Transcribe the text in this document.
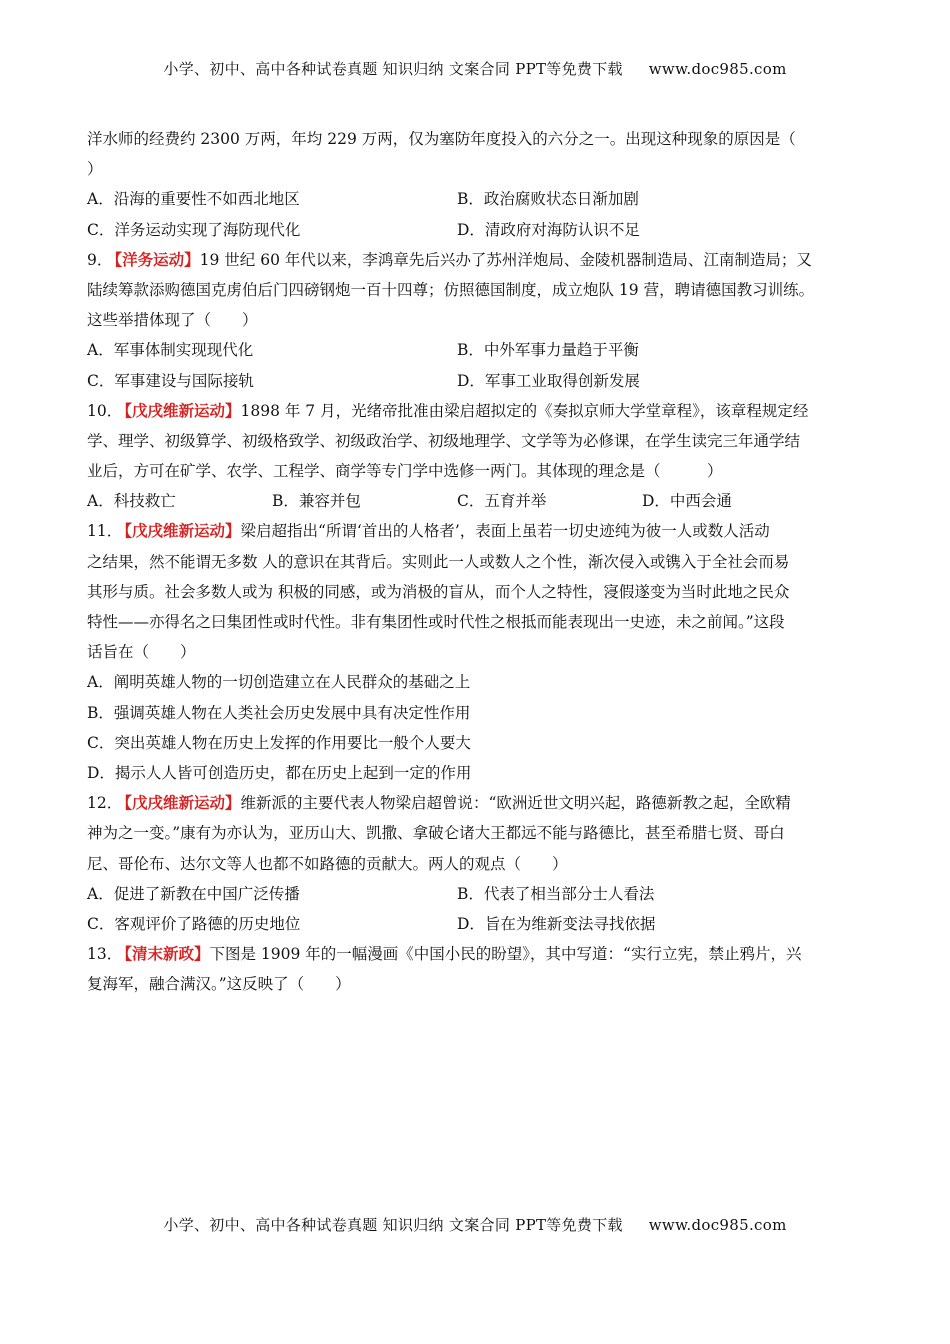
小学、初中、高中各种试卷真题 知识归纳 文案合同 PPT等免费下载 www.doc985.com
洋水师的经费约 2300 万两，年均 229 万两，仅为塞防年度投入的六分之一。出现这种现象的原因是（
）
A．沿海的重要性不如西北地区	B．政治腐败状态日渐加剧
C．洋务运动实现了海防现代化	D．清政府对海防认识不足
9． 【洋务运动】19 世纪 60 年代以来，李鸿章先后兴办了苏州洋炮局、金陵机器制造局、江南制造局；又
陆续筹款添购德国克虏伯后门四磅钢炮一百十四尊；仿照德国制度，成立炮队 19 营，聘请德国教习训练。
这些举措体现了（　　）
A．军事体制实现现代化	B．中外军事力量趋于平衡
C．军事建设与国际接轨	D．军事工业取得创新发展
10． 【戊戌维新运动】1898 年 7 月，光绪帝批准由梁启超拟定的《奏拟京师大学堂章程》，该章程规定经
学、理学、初级算学、初级格致学、初级政治学、初级地理学、文学等为必修课，在学生读完三年通学结
业后，方可在矿学、农学、工程学、商学等专门学中选修一两门。其体现的理念是（　　　）
A．科技救亡	B．兼容并包	C．五育并举	D．中西会通
11． 【戊戌维新运动】梁启超指出“所谓‘首出的人格者’，表面上虽若一切史迹纯为彼一人或数人活动
之结果，然不能谓无多数 人的意识在其背后。实则此一人或数人之个性，渐次侵入或镌入于全社会而易
其形与质。社会多数人或为 积极的同感，或为消极的盲从，而个人之特性，寖假遂变为当时此地之民众
特性——亦得名之曰集团性或时代性。非有集团性或时代性之根抵而能表现出一史迹，未之前闻。”这段
话旨在（　　）
A．阐明英雄人物的一切创造建立在人民群众的基础之上
B．强调英雄人物在人类社会历史发展中具有决定性作用
C．突出英雄人物在历史上发挥的作用要比一般个人要大
D．揭示人人皆可创造历史，都在历史上起到一定的作用
12． 【戊戌维新运动】维新派的主要代表人物梁启超曾说：“欧洲近世文明兴起，路德新教之起，全欧精
神为之一变。”康有为亦认为，亚历山大、凯撒、拿破仑诸大王都远不能与路德比，甚至希腊七贤、哥白
尼、哥伦布、达尔文等人也都不如路德的贡献大。两人的观点（　　）
A．促进了新教在中国广泛传播	B．代表了相当部分士人看法
C．客观评价了路德的历史地位	D．旨在为维新变法寻找依据
13． 【清末新政】下图是 1909 年的一幅漫画《中国小民的盼望》，其中写道：“实行立宪，禁止鸦片，兴
复海军，融合满汉。”这反映了（　　）
小学、初中、高中各种试卷真题 知识归纳 文案合同 PPT等免费下载 www.doc985.com
